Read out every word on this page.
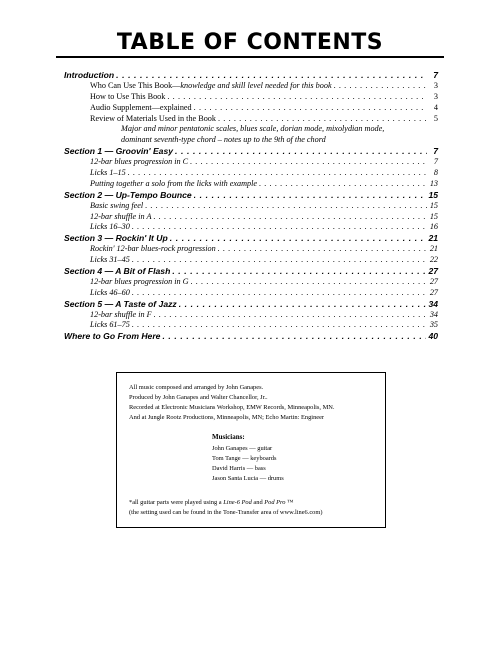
TABLE OF CONTENTS
Introduction . . .	7
Who Can Use This Book—knowledge and skill level needed for this book . . .	3
How to Use This Book . . .	3
Audio Supplement—explained . . .	4
Review of Materials Used in the Book . . .	5
Major and minor pentatonic scales, blues scale, dorian mode, mixolydian mode,
dominant seventh-type chord – notes up to the 9th of the chord
Section 1 — Groovin' Easy . . .	7
12-bar blues progression in C . . .	7
Licks 1–15 . . .	8
Putting together a solo from the licks with example . . .	13
Section 2 — Up-Tempo Bounce . . .	15
Basic swing feel . . .	15
12-bar shuffle in A . . .	15
Licks 16–30 . . .	16
Section 3 — Rockin' It Up . . .	21
Rockin' 12-bar blues-rock progression . . .	21
Licks 31–45 . . .	22
Section 4 — A Bit of Flash . . .	27
12-bar blues progression in G . . .	27
Licks 46–60 . . .	27
Section 5 — A Taste of Jazz . . .	34
12-bar shuffle in F . . .	34
Licks 61–75 . . .	35
Where to Go From Here . . .	40
All music composed and arranged by John Ganapes.
Produced by John Ganapes and Walter Chancellor, Jr..
Recorded at Electronic Musicians Workshop, EMW Records, Minneapolis, MN.
And at Jungle Rootz Productions, Minneapolis, MN; Echo Martin: Engineer
Musicians:
John Ganapes — guitar
Tom Tange — keyboards
David Harris — bass
Jason Santa Lucia — drums
*all guitar parts were played using a Line-6 Pod and Pod Pro ™
(the setting used can be found in the Tone-Transfer area of www.line6.com)
